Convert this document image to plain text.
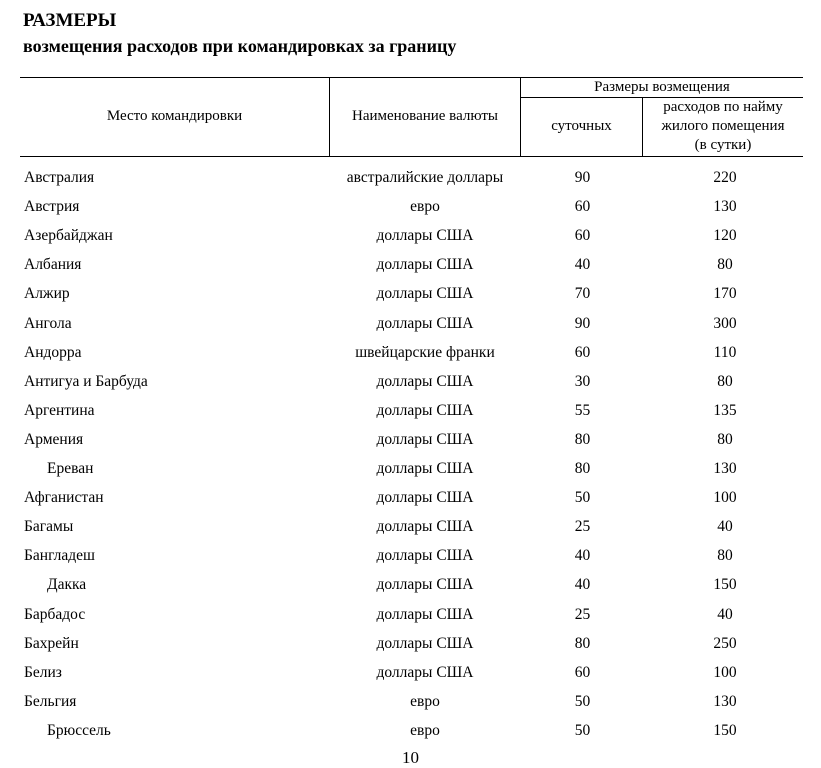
РАЗМЕРЫ
возмещения расходов при командировках за границу
Место командировки	Наименование валюты
Размеры возмещения
суточных
расходов по найму
жилого помещения
(в сутки)
Австралия	австралийские доллары	90	220
Австрия	евро	60	130
Азербайджан	доллары США	60	120
Албания	доллары США	40	80
Алжир	доллары США	70	170
Ангола	доллары США	90	300
Андорра	швейцарские франки	60	110
Антигуа и Барбуда	доллары США	30	80
Аргентина	доллары США	55	135
Армения	доллары США	80	80
Ереван	доллары США	80	130
Афганистан	доллары США	50	100
Багамы	доллары США	25	40
Бангладеш	доллары США	40	80
Дакка	доллары США	40	150
Барбадос	доллары США	25	40
Бахрейн	доллары США	80	250
Белиз	доллары США	60	100
Бельгия	евро	50	130
Брюссель	евро	50	150
10
